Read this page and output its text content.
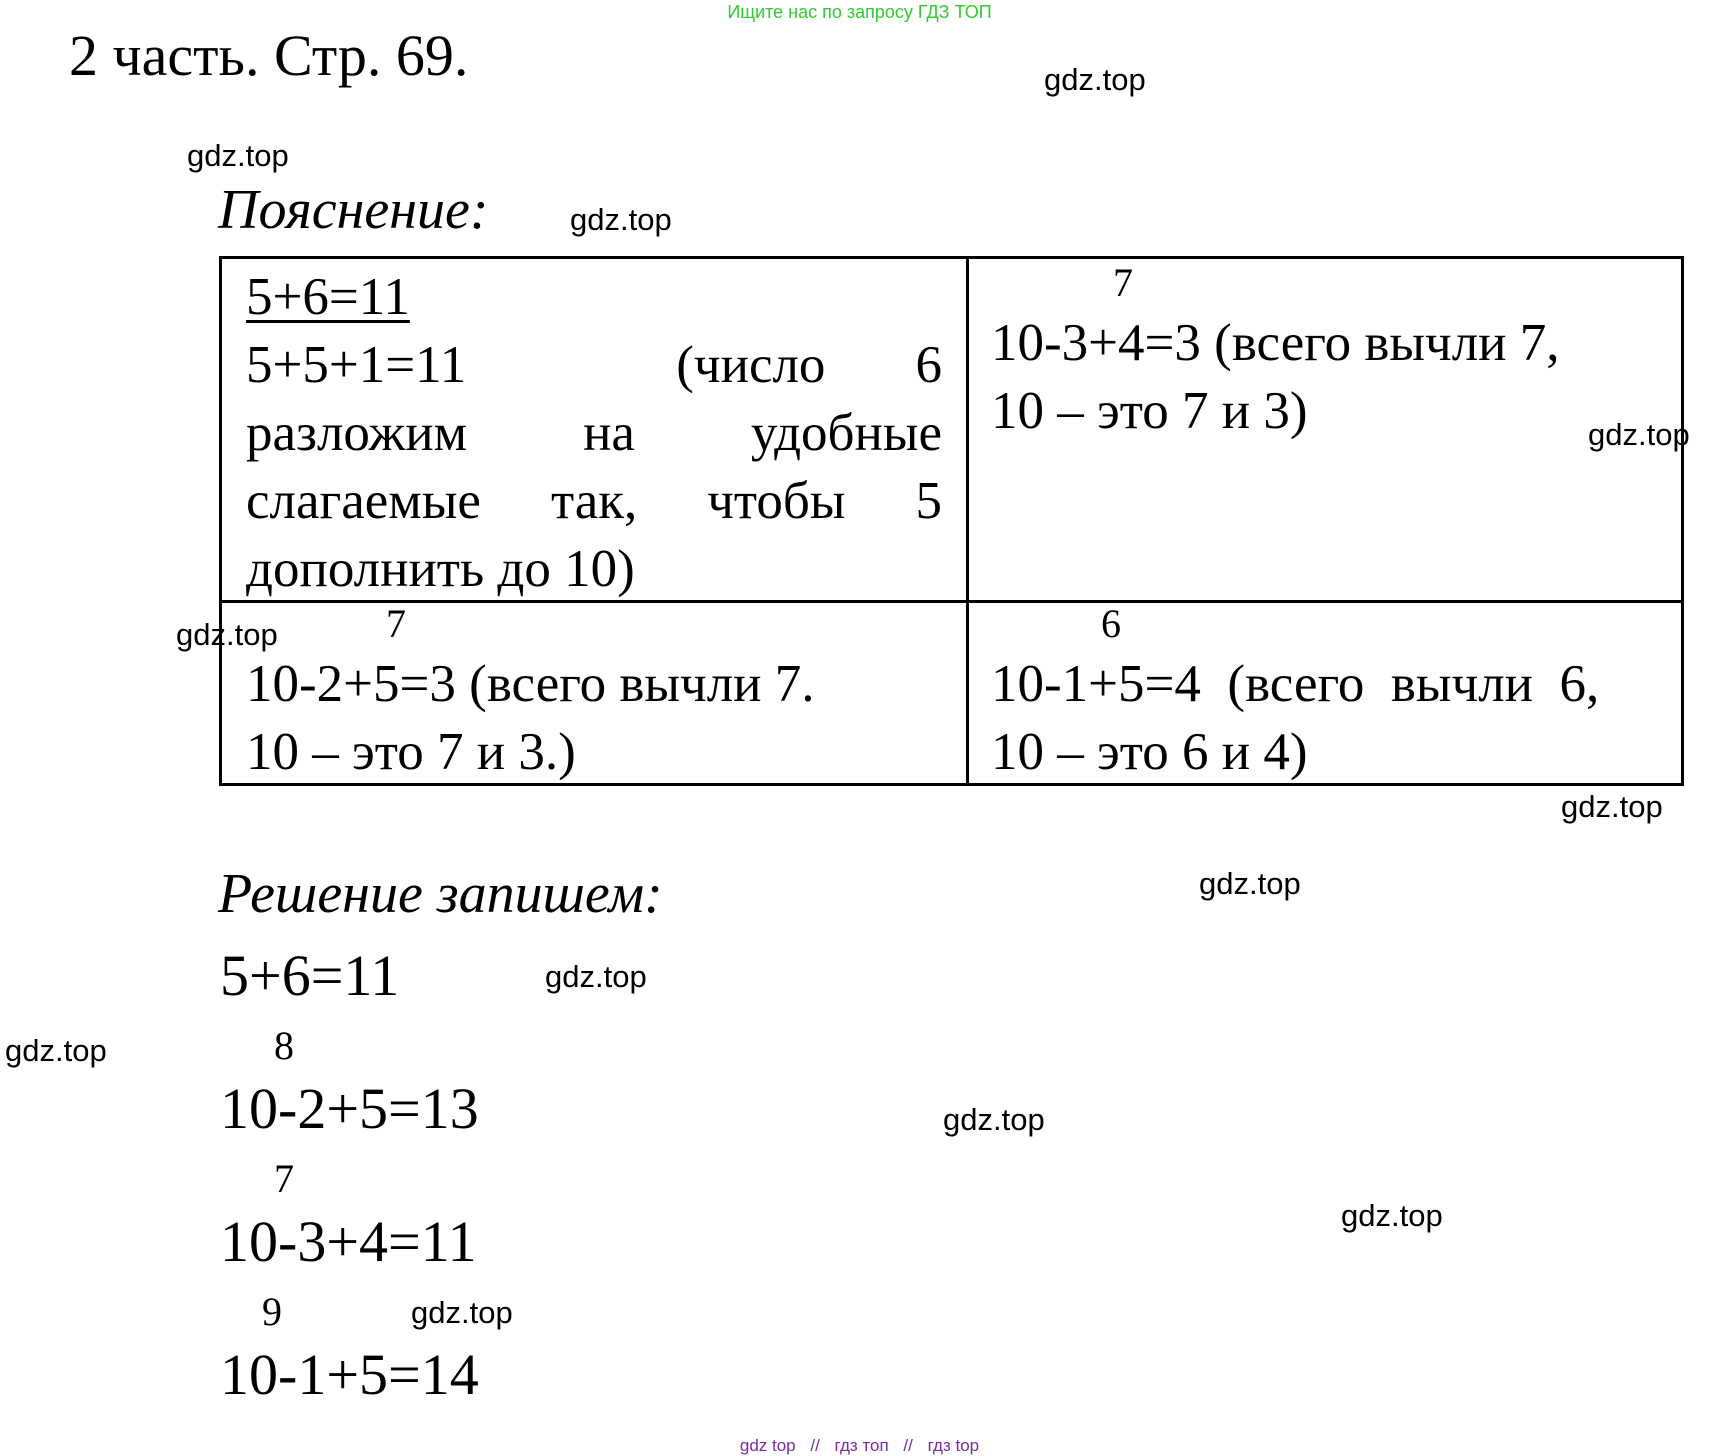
Ищите нас по запросу ГДЗ ТОП
2 часть. Стр. 69.	gdz.top
gdz.top
gdz.top
gdz.top
gdz.top
gdz.top
gdz.top
gdz.top
gdz.top
gdz.top
gdz.top
gdz.top
Пояснение:
5+6=11
5+5+1=11	(число 6
разложим на удобные
слагаемые так, чтобы 5
дополнить до 10)
7
10-3+4=3 (всего вычли 7,
10 – это 7 и 3)
7
10-2+5=3 (всего вычли 7.
10 – это 7 и 3.)
6
10-1+5=4  (всего  вычли  6,
10 – это 6 и 4)
Решение запишем:
5+6=11
8
10-2+5=13
7
10-3+4=11
9
10-1+5=14
gdz top // гдз топ // гдз top
